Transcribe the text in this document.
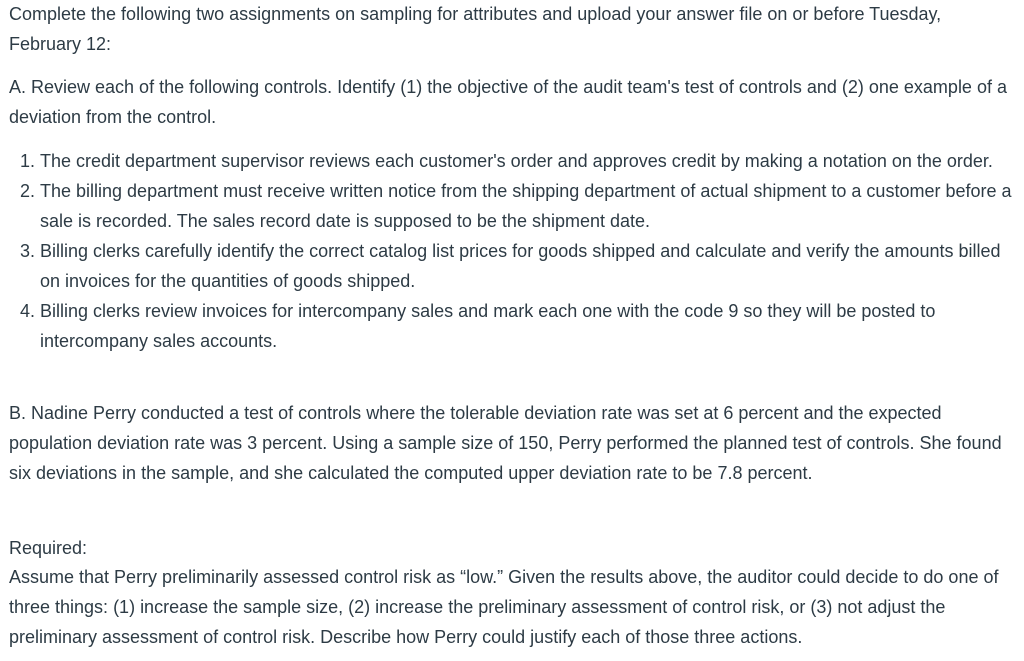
Complete the following two assignments on sampling for attributes and upload your answer file on or before Tuesday, February 12:

A. Review each of the following controls. Identify (1) the objective of the audit team's test of controls and (2) one example of a deviation from the control.

1. The credit department supervisor reviews each customer's order and approves credit by making a notation on the order.
2. The billing department must receive written notice from the shipping department of actual shipment to a customer before a sale is recorded. The sales record date is supposed to be the shipment date.
3. Billing clerks carefully identify the correct catalog list prices for goods shipped and calculate and verify the amounts billed on invoices for the quantities of goods shipped.
4. Billing clerks review invoices for intercompany sales and mark each one with the code 9 so they will be posted to intercompany sales accounts.

B. Nadine Perry conducted a test of controls where the tolerable deviation rate was set at 6 percent and the expected population deviation rate was 3 percent. Using a sample size of 150, Perry performed the planned test of controls. She found six deviations in the sample, and she calculated the computed upper deviation rate to be 7.8 percent.

Required:

Assume that Perry preliminarily assessed control risk as “low.” Given the results above, the auditor could decide to do one of three things: (1) increase the sample size, (2) increase the preliminary assessment of control risk, or (3) not adjust the preliminary assessment of control risk. Describe how Perry could justify each of those three actions.
